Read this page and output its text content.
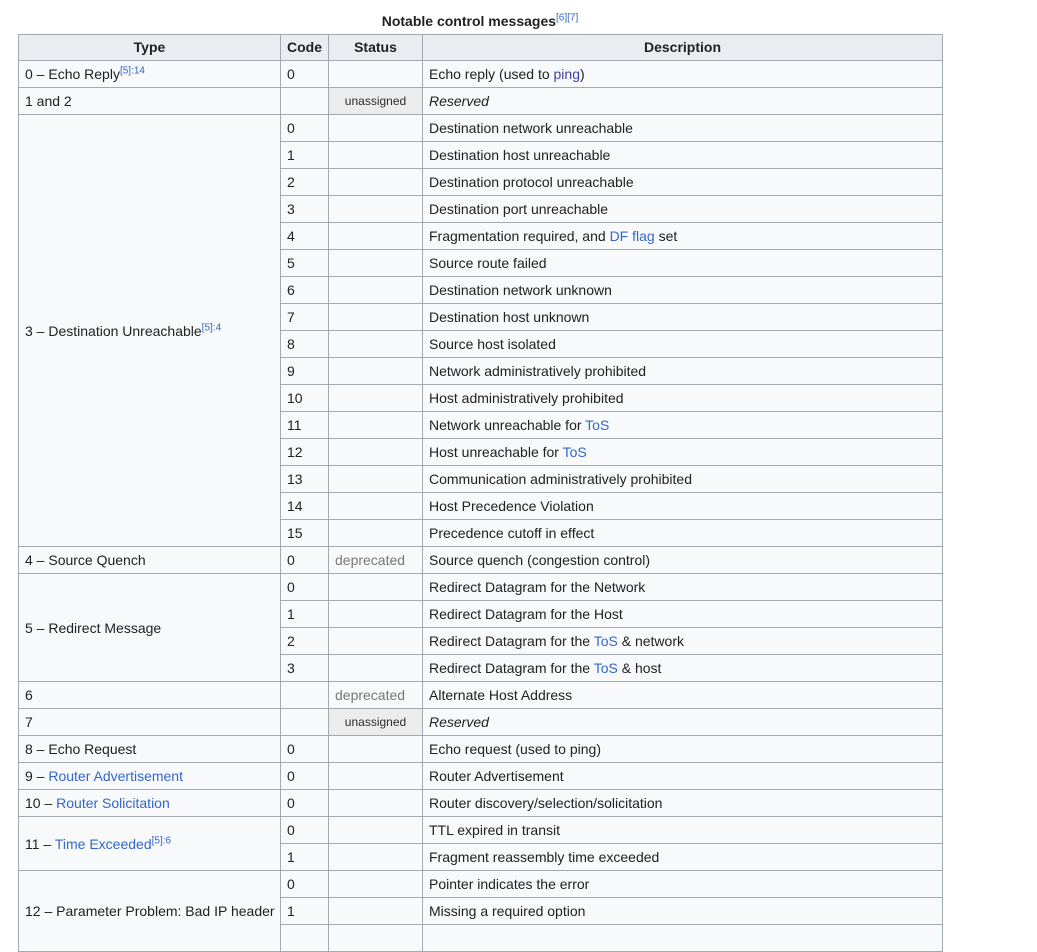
Notable control messages[6][7]
Type	Code	Status	Description
0 – Echo Reply$^{[5]:14}$	0		Echo reply (used to ping)
1 and 2		unassigned	Reserved
3 – Destination Unreachable$^{[5]:4}$	0		Destination network unreachable
	1		Destination host unreachable
	2		Destination protocol unreachable
	3		Destination port unreachable
	4		Fragmentation required, and DF flag set
	5		Source route failed
	6		Destination network unknown
	7		Destination host unknown
	8		Source host isolated
	9		Network administratively prohibited
	10		Host administratively prohibited
	11		Network unreachable for ToS
	12		Host unreachable for ToS
	13		Communication administratively prohibited
	14		Host Precedence Violation
	15		Precedence cutoff in effect
4 – Source Quench	0	deprecated	Source quench (congestion control)
5 – Redirect Message	0		Redirect Datagram for the Network
	1		Redirect Datagram for the Host
	2		Redirect Datagram for the ToS & network
	3		Redirect Datagram for the ToS & host
6		deprecated	Alternate Host Address
7		unassigned	Reserved
8 – Echo Request	0		Echo request (used to ping)
9 – Router Advertisement	0		Router Advertisement
10 – Router Solicitation	0		Router discovery/selection/solicitation
11 – Time Exceeded$^{[5]:6}$	0		TTL expired in transit
	1		Fragment reassembly time exceeded
12 – Parameter Problem: Bad IP header	0		Pointer indicates the error
	1		Missing a required option
